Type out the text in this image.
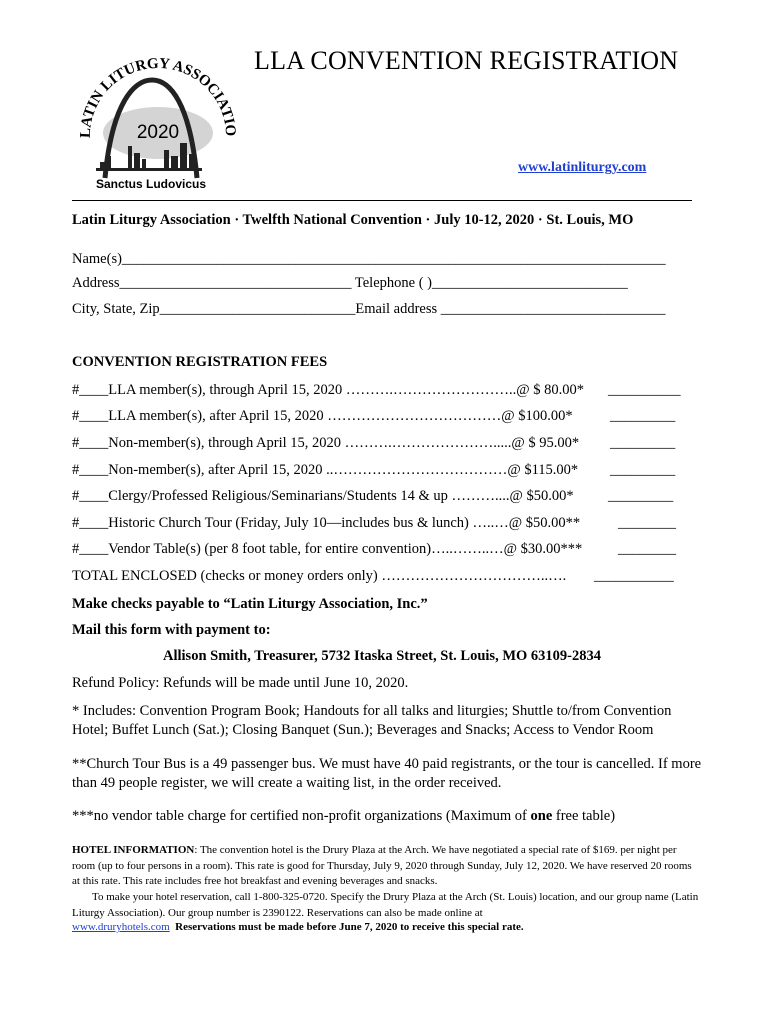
LATIN LITURGY ASSOCIATIO
2020
Sanctus Ludovicus
LLA CONVENTION REGISTRATION
www.latinliturgy.com
Latin Liturgy Association · Twelfth National Convention · July 10-12, 2020 · St. Louis, MO
Name(s)___________________________________________________________________________
Address________________________________ Telephone ( )___________________________
City, State, Zip___________________________Email address _______________________________
CONVENTION REGISTRATION FEES
#____LLA member(s), through April 15, 2020 ……….……………………..@ $ 80.00* __________
#____LLA member(s), after April 15, 2020 ………………………………@ $100.00*	_________
#____Non-member(s), through April 15, 2020 ……….………………….....@ $ 95.00* _________
#____Non-member(s), after April 15, 2020 ..………………………………@ $115.00* _________
#____Clergy/Professed Religious/Seminarians/Students 14 & up ………....@ $50.00* _________
#____Historic Church Tour (Friday, July 10—includes bus & lunch) …..…@ $50.00**	________
#____Vendor Table(s) (per 8 foot table, for entire convention)…..……..…@ $30.00*** ________
TOTAL ENCLOSED (checks or money orders only) ……………………………..…. ___________
Make checks payable to “Latin Liturgy Association, Inc.”
Mail this form with payment to:
Allison Smith, Treasurer, 5732 Itaska Street, St. Louis, MO 63109-2834
Refund Policy: Refunds will be made until June 10, 2020.
* Includes: Convention Program Book; Handouts for all talks and liturgies; Shuttle to/from Convention Hotel; Buffet Lunch (Sat.); Closing Banquet (Sun.); Beverages and Snacks; Access to Vendor Room
**Church Tour Bus is a 49 passenger bus. We must have 40 paid registrants, or the tour is cancelled. If more than 49 people register, we will create a waiting list, in the order received.
***no vendor table charge for certified non-profit organizations (Maximum of one free table)
HOTEL INFORMATION: The convention hotel is the Drury Plaza at the Arch. We have negotiated a special rate of $169. per night per room (up to four persons in a room). This rate is good for Thursday, July 9, 2020 through Sunday, July 12, 2020. We have reserved 20 rooms at this rate. This rate includes free hot breakfast and evening beverages and snacks.
To make your hotel reservation, call 1-800-325-0720. Specify the Drury Plaza at the Arch (St. Louis) location, and our group name (Latin Liturgy Association). Our group number is 2390122. Reservations can also be made online at
www.druryhotels.com Reservations must be made before June 7, 2020 to receive this special rate.
